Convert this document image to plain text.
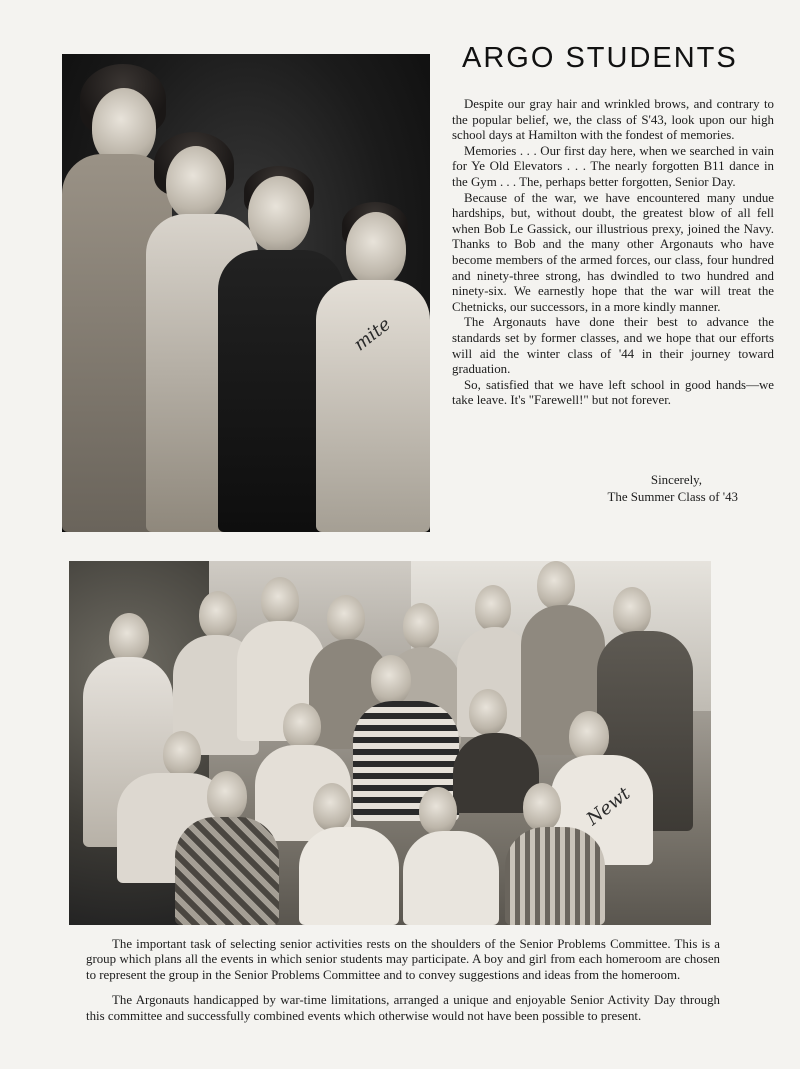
mite
ARGO STUDENTS

Despite our gray hair and wrinkled brows, and contrary to the popular belief, we, the class of S'43, look upon our high school days at Hamilton with the fondest of memories.

Memories . . . Our first day here, when we searched in vain for Ye Old Elevators . . . The nearly forgotten B11 dance in the Gym . . . The, perhaps better forgotten, Senior Day.

Because of the war, we have encountered many undue hardships, but, without doubt, the greatest blow of all fell when Bob Le Gassick, our illustrious prexy, joined the Navy. Thanks to Bob and the many other Argonauts who have become members of the armed forces, our class, four hundred and ninety-three strong, has dwindled to two hundred and ninety-six. We earnestly hope that the war will treat the Chetnicks, our successors, in a more kindly manner.

The Argonauts have done their best to advance the standards set by former classes, and we hope that our efforts will aid the winter class of '44 in their journey toward graduation.

So, satisfied that we have left school in good hands—we take leave. It's "Farewell!" but not forever.

Sincerely,
The Summer Class of '43
Newt

The important task of selecting senior activities rests on the shoulders of the Senior Problems Committee. This is a group which plans all the events in which senior students may participate. A boy and girl from each homeroom are chosen to represent the group in the Senior Problems Committee and to convey suggestions and ideas from the homeroom.

The Argonauts handicapped by war-time limitations, arranged a unique and enjoyable Senior Activity Day through this committee and successfully combined events which otherwise would not have been possible to present.
